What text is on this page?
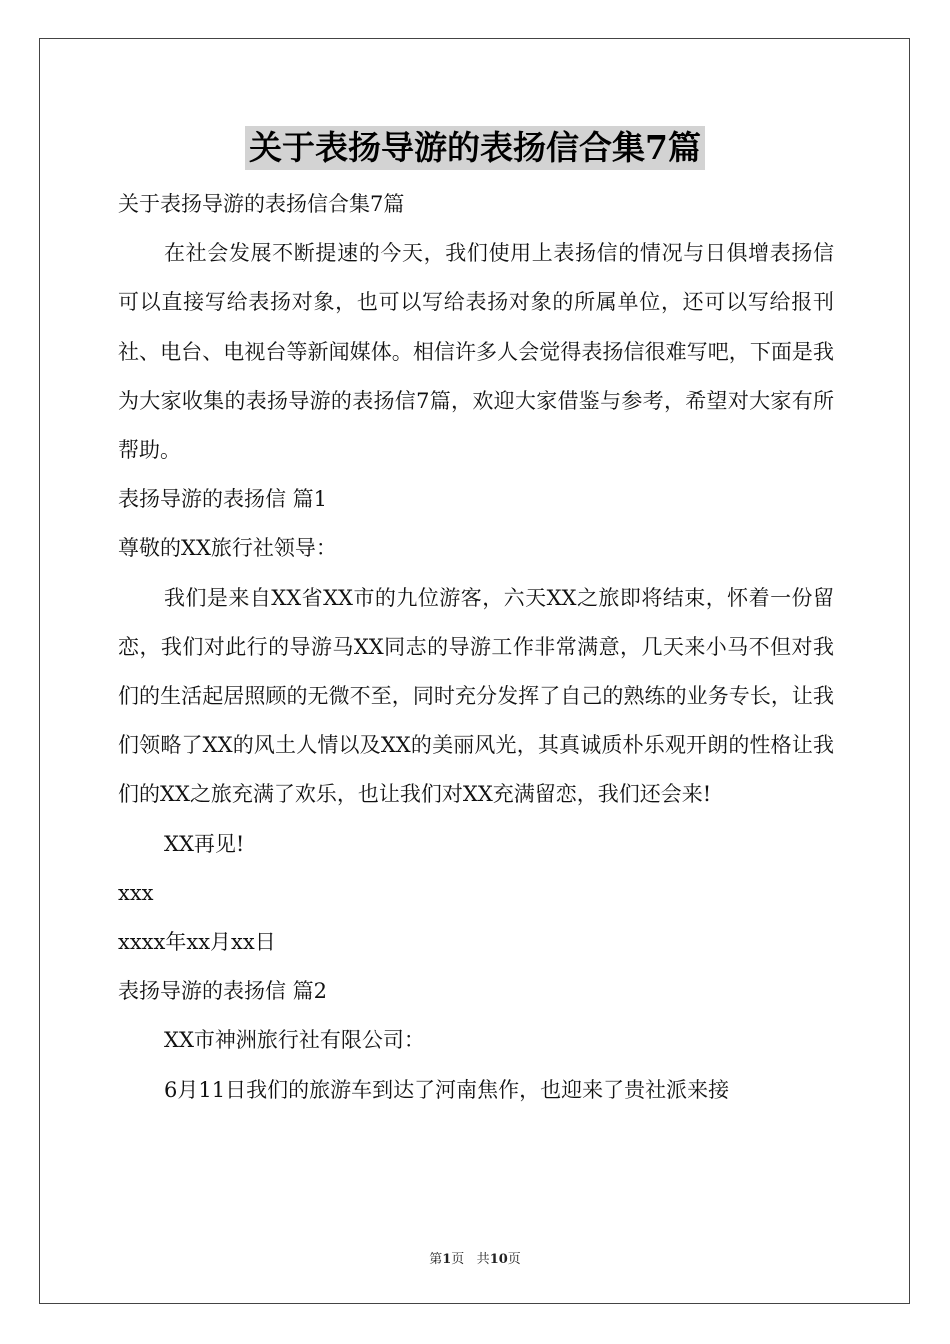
关于表扬导游的表扬信合集7篇

关于表扬导游的表扬信合集7篇

在社会发展不断提速的今天，我们使用上表扬信的情况与日俱增表扬信可以直接写给表扬对象，也可以写给表扬对象的所属单位，还可以写给报刊社、电台、电视台等新闻媒体。相信许多人会觉得表扬信很难写吧，下面是我为大家收集的表扬导游的表扬信7篇，欢迎大家借鉴与参考，希望对大家有所帮助。

表扬导游的表扬信 篇1

尊敬的XX旅行社领导：

我们是来自XX省XX市的九位游客，六天XX之旅即将结束，怀着一份留恋，我们对此行的导游马XX同志的导游工作非常满意，几天来小马不但对我们的生活起居照顾的无微不至，同时充分发挥了自己的熟练的业务专长，让我们领略了XX的风土人情以及XX的美丽风光，其真诚质朴乐观开朗的性格让我们的XX之旅充满了欢乐，也让我们对XX充满留恋，我们还会来!

XX再见!

xxx

xxxx年xx月xx日

表扬导游的表扬信 篇2

XX市神洲旅行社有限公司：

6月11日我们的旅游车到达了河南焦作，也迎来了贵社派来接

第1页 共10页
